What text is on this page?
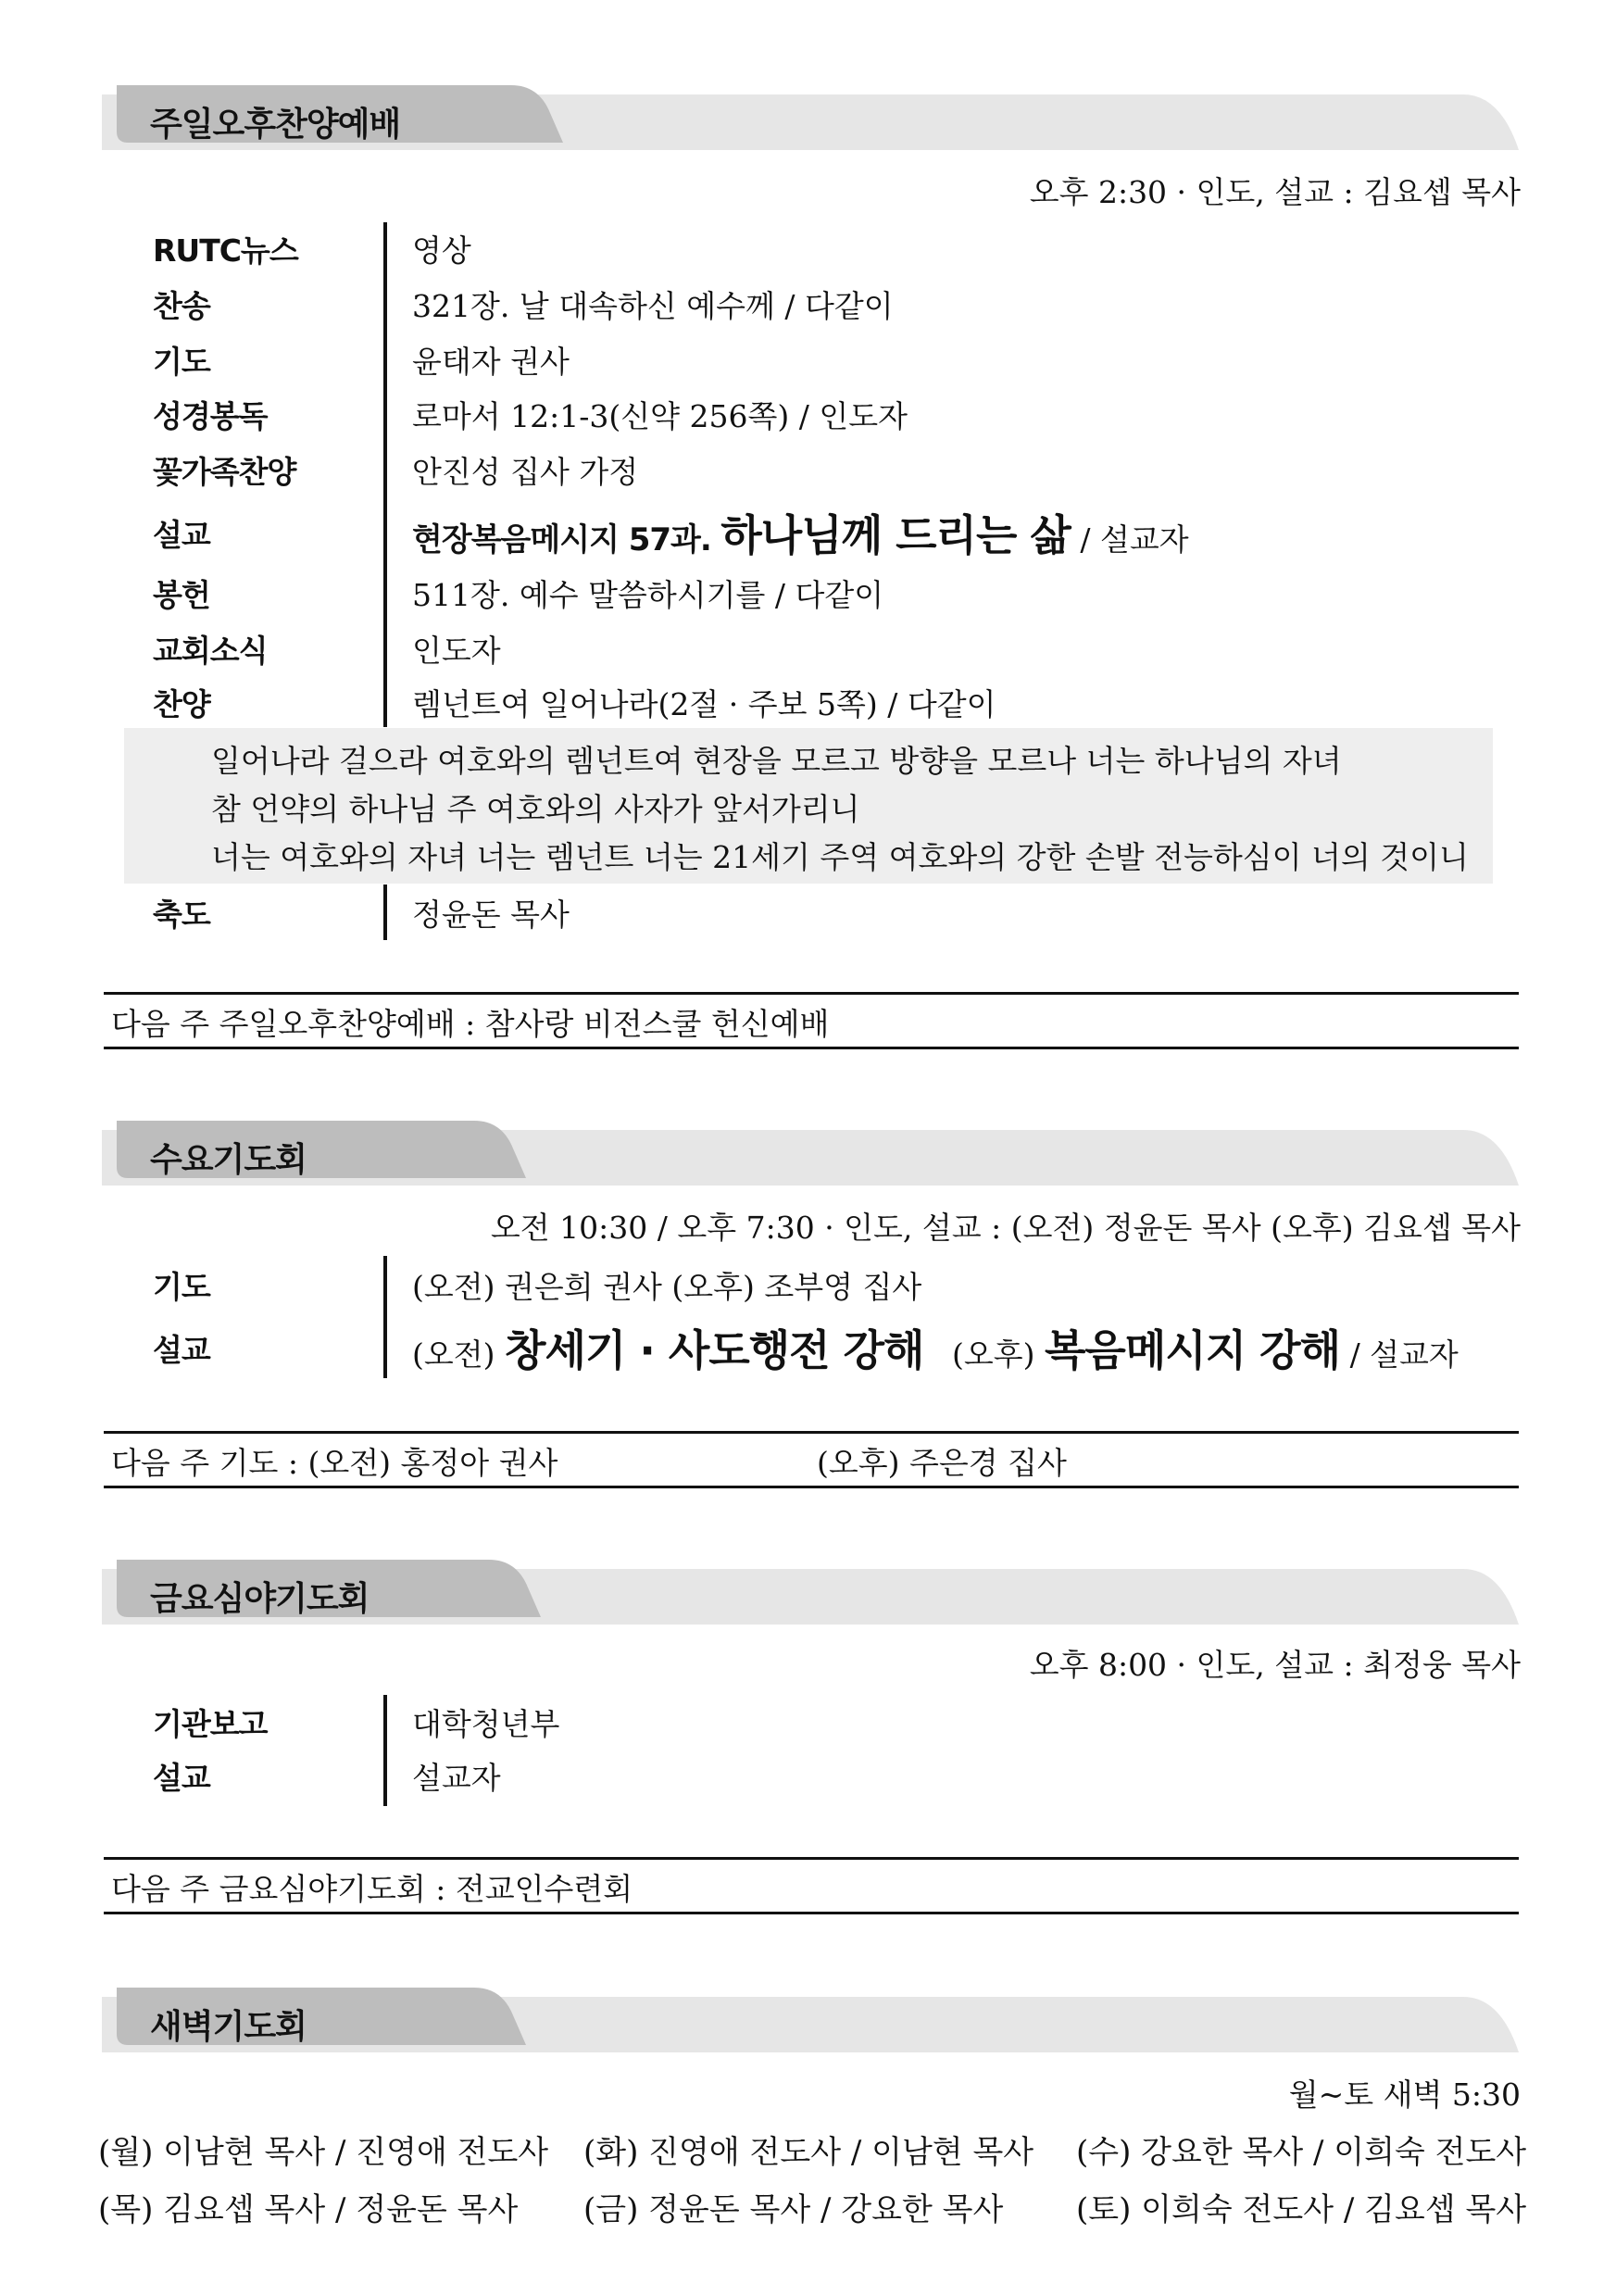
주일오후찬양예배
오후 2:30 · 인도, 설교 : 김요셉 목사
RUTC뉴스	영상
찬송	321장. 날 대속하신 예수께 / 다같이
기도	윤태자 권사
성경봉독	로마서 12:1-3(신약 256쪽) / 인도자
꽃가족찬양	안진성 집사 가정
설교	현장복음메시지 57과. 하나님께 드리는 삶 / 설교자
봉헌	511장. 예수 말씀하시기를 / 다같이
교회소식	인도자
찬양	렘넌트여 일어나라(2절 · 주보 5쪽) / 다같이
일어나라 걸으라 여호와의 렘넌트여 현장을 모르고 방향을 모르나 너는 하나님의 자녀
참 언약의 하나님 주 여호와의 사자가 앞서가리니
너는 여호와의 자녀 너는 렘넌트 너는 21세기 주역 여호와의 강한 손발 전능하심이 너의 것이니
축도	정윤돈 목사
다음 주 주일오후찬양예배 : 참사랑 비전스쿨 헌신예배
수요기도회
오전 10:30 / 오후 7:30 · 인도, 설교 : (오전) 정윤돈 목사 (오후) 김요셉 목사
기도	(오전) 권은희 권사 (오후) 조부영 집사
설교	(오전) 창세기 · 사도행전 강해 (오후) 복음메시지 강해 / 설교자
다음 주 기도 : (오전) 홍정아 권사	(오후) 주은경 집사
금요심야기도회
오후 8:00 · 인도, 설교 : 최정웅 목사
기관보고	대학청년부
설교	설교자
다음 주 금요심야기도회 : 전교인수련회
새벽기도회
월~토 새벽 5:30
(월) 이남현 목사 / 진영애 전도사 (화) 진영애 전도사 / 이남현 목사 (수) 강요한 목사 / 이희숙 전도사
(목) 김요셉 목사 / 정윤돈 목사 (금) 정윤돈 목사 / 강요한 목사 (토) 이희숙 전도사 / 김요셉 목사
